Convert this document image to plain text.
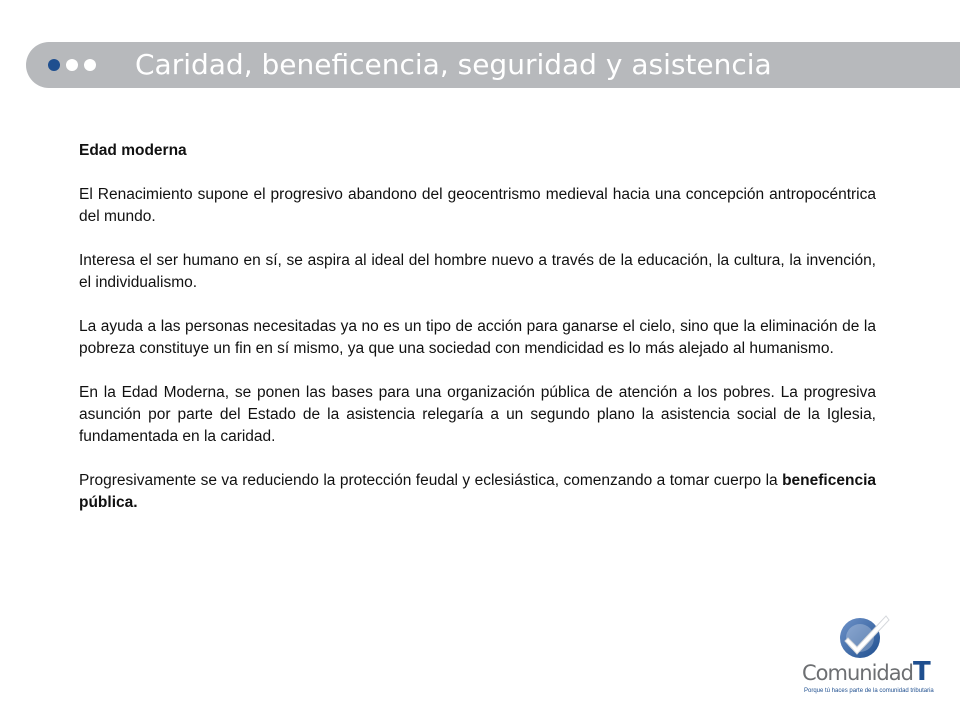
Caridad, beneficencia, seguridad y asistencia
Edad moderna

El Renacimiento supone el progresivo abandono del geocentrismo medieval hacia una concepción antropocéntrica del mundo.

Interesa el ser humano en sí, se aspira al ideal del hombre nuevo a través de la educación, la cultura, la invención, el individualismo.

La ayuda a las personas necesitadas ya no es un tipo de acción para ganarse el cielo, sino que la eliminación de la pobreza constituye un fin en sí mismo, ya que una sociedad con mendicidad es lo más alejado al humanismo.

En la Edad Moderna, se ponen las bases para una organización pública de atención a los pobres. La progresiva asunción por parte del Estado de la asistencia relegaría a un segundo plano la asistencia social de la Iglesia, fundamentada en la caridad.

Progresivamente se va reduciendo la protección feudal y eclesiástica, comenzando a tomar cuerpo la beneficencia pública.

ComunidadT
Porque tú haces parte de la comunidad tributaria
